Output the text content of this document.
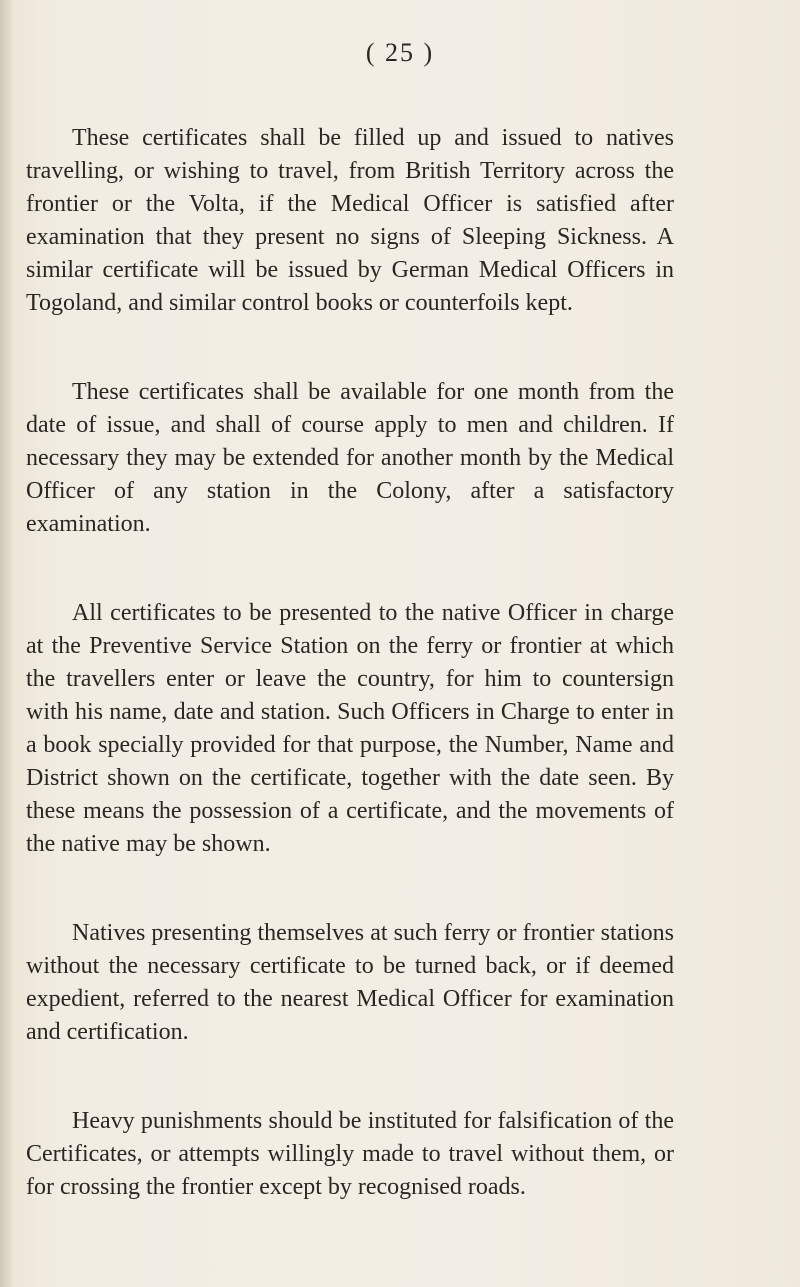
( 25 )

These certificates shall be filled up and issued to natives travelling, or wishing to travel, from British Territory across the frontier or the Volta, if the Medical Officer is satisfied after examination that they present no signs of Sleeping Sickness. A similar certificate will be issued by German Medical Officers in Togoland, and similar control books or counterfoils kept.

These certificates shall be available for one month from the date of issue, and shall of course apply to men and children. If necessary they may be extended for another month by the Medical Officer of any station in the Colony, after a satisfactory examination.

All certificates to be presented to the native Officer in charge at the Preventive Service Station on the ferry or frontier at which the travellers enter or leave the country, for him to countersign with his name, date and station. Such Officers in Charge to enter in a book specially provided for that purpose, the Number, Name and District shown on the certificate, together with the date seen. By these means the possession of a certificate, and the movements of the native may be shown.

Natives presenting themselves at such ferry or frontier stations without the necessary certificate to be turned back, or if deemed expedient, referred to the nearest Medical Officer for examination and certification.

Heavy punishments should be instituted for falsification of the Certificates, or attempts willingly made to travel without them, or for crossing the frontier except by recognised roads.
